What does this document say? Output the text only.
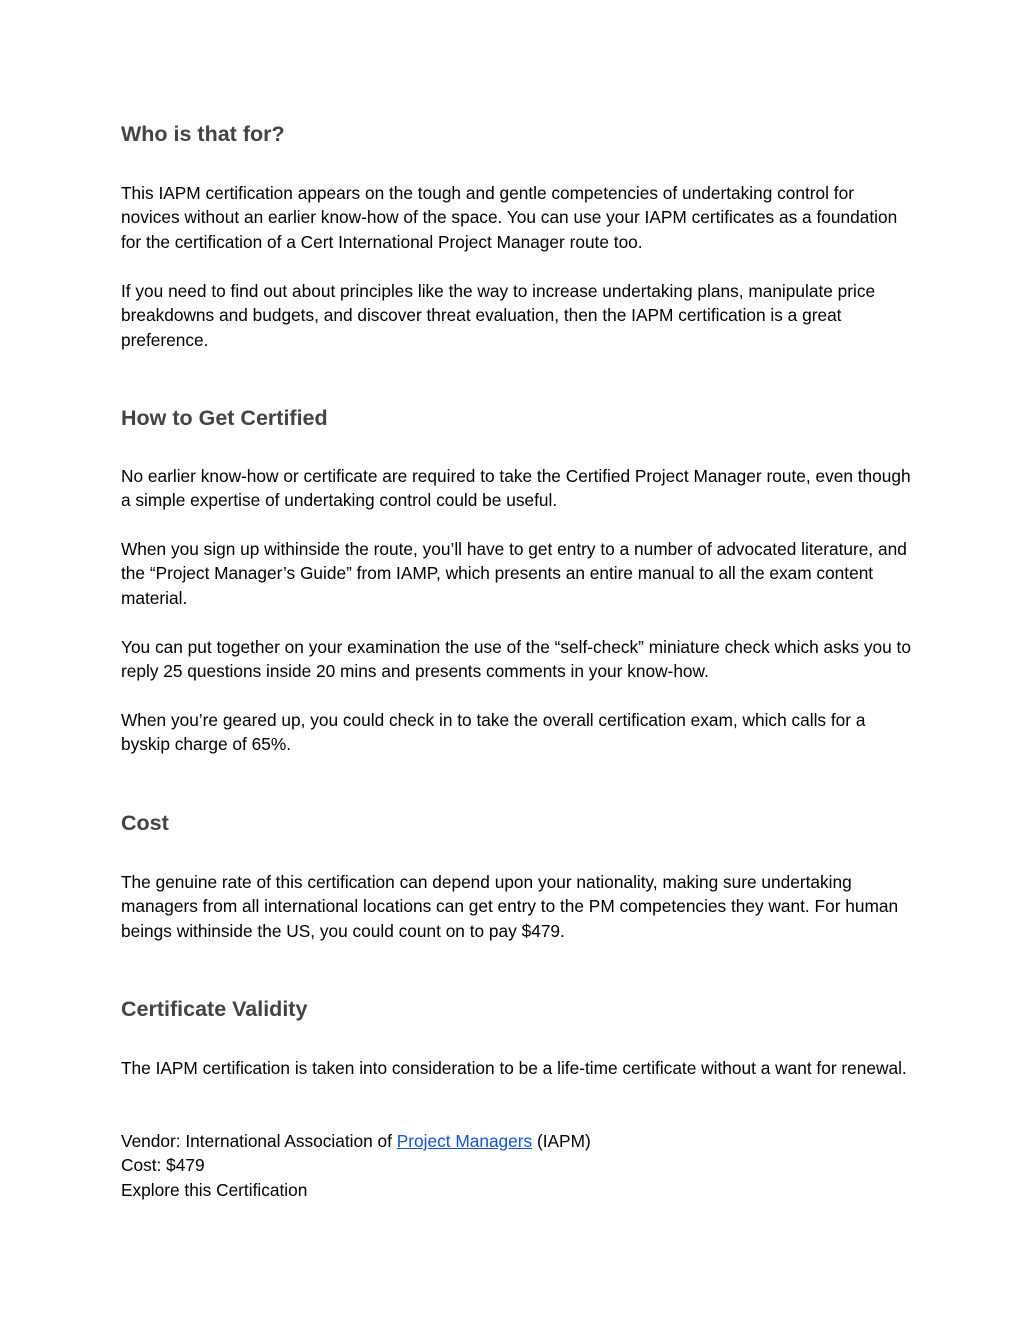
Who is that for?

This IAPM certification appears on the tough and gentle competencies of undertaking control for novices without an earlier know-how of the space. You can use your IAPM certificates as a foundation for the certification of a Cert International Project Manager route too.

If you need to find out about principles like the way to increase undertaking plans, manipulate price breakdowns and budgets, and discover threat evaluation, then the IAPM certification is a great preference.

How to Get Certified

No earlier know-how or certificate are required to take the Certified Project Manager route, even though a simple expertise of undertaking control could be useful.

When you sign up withinside the route, you’ll have to get entry to a number of advocated literature, and the “Project Manager’s Guide” from IAMP, which presents an entire manual to all the exam content material.

You can put together on your examination the use of the “self-check” miniature check which asks you to reply 25 questions inside 20 mins and presents comments in your know-how.

When you’re geared up, you could check in to take the overall certification exam, which calls for a byskip charge of 65%.

Cost

The genuine rate of this certification can depend upon your nationality, making sure undertaking managers from all international locations can get entry to the PM competencies they want. For human beings withinside the US, you could count on to pay $479.

Certificate Validity

The IAPM certification is taken into consideration to be a life-time certificate without a want for renewal.

Vendor: International Association of Project Managers (IAPM)

Cost: $479

Explore this Certification
